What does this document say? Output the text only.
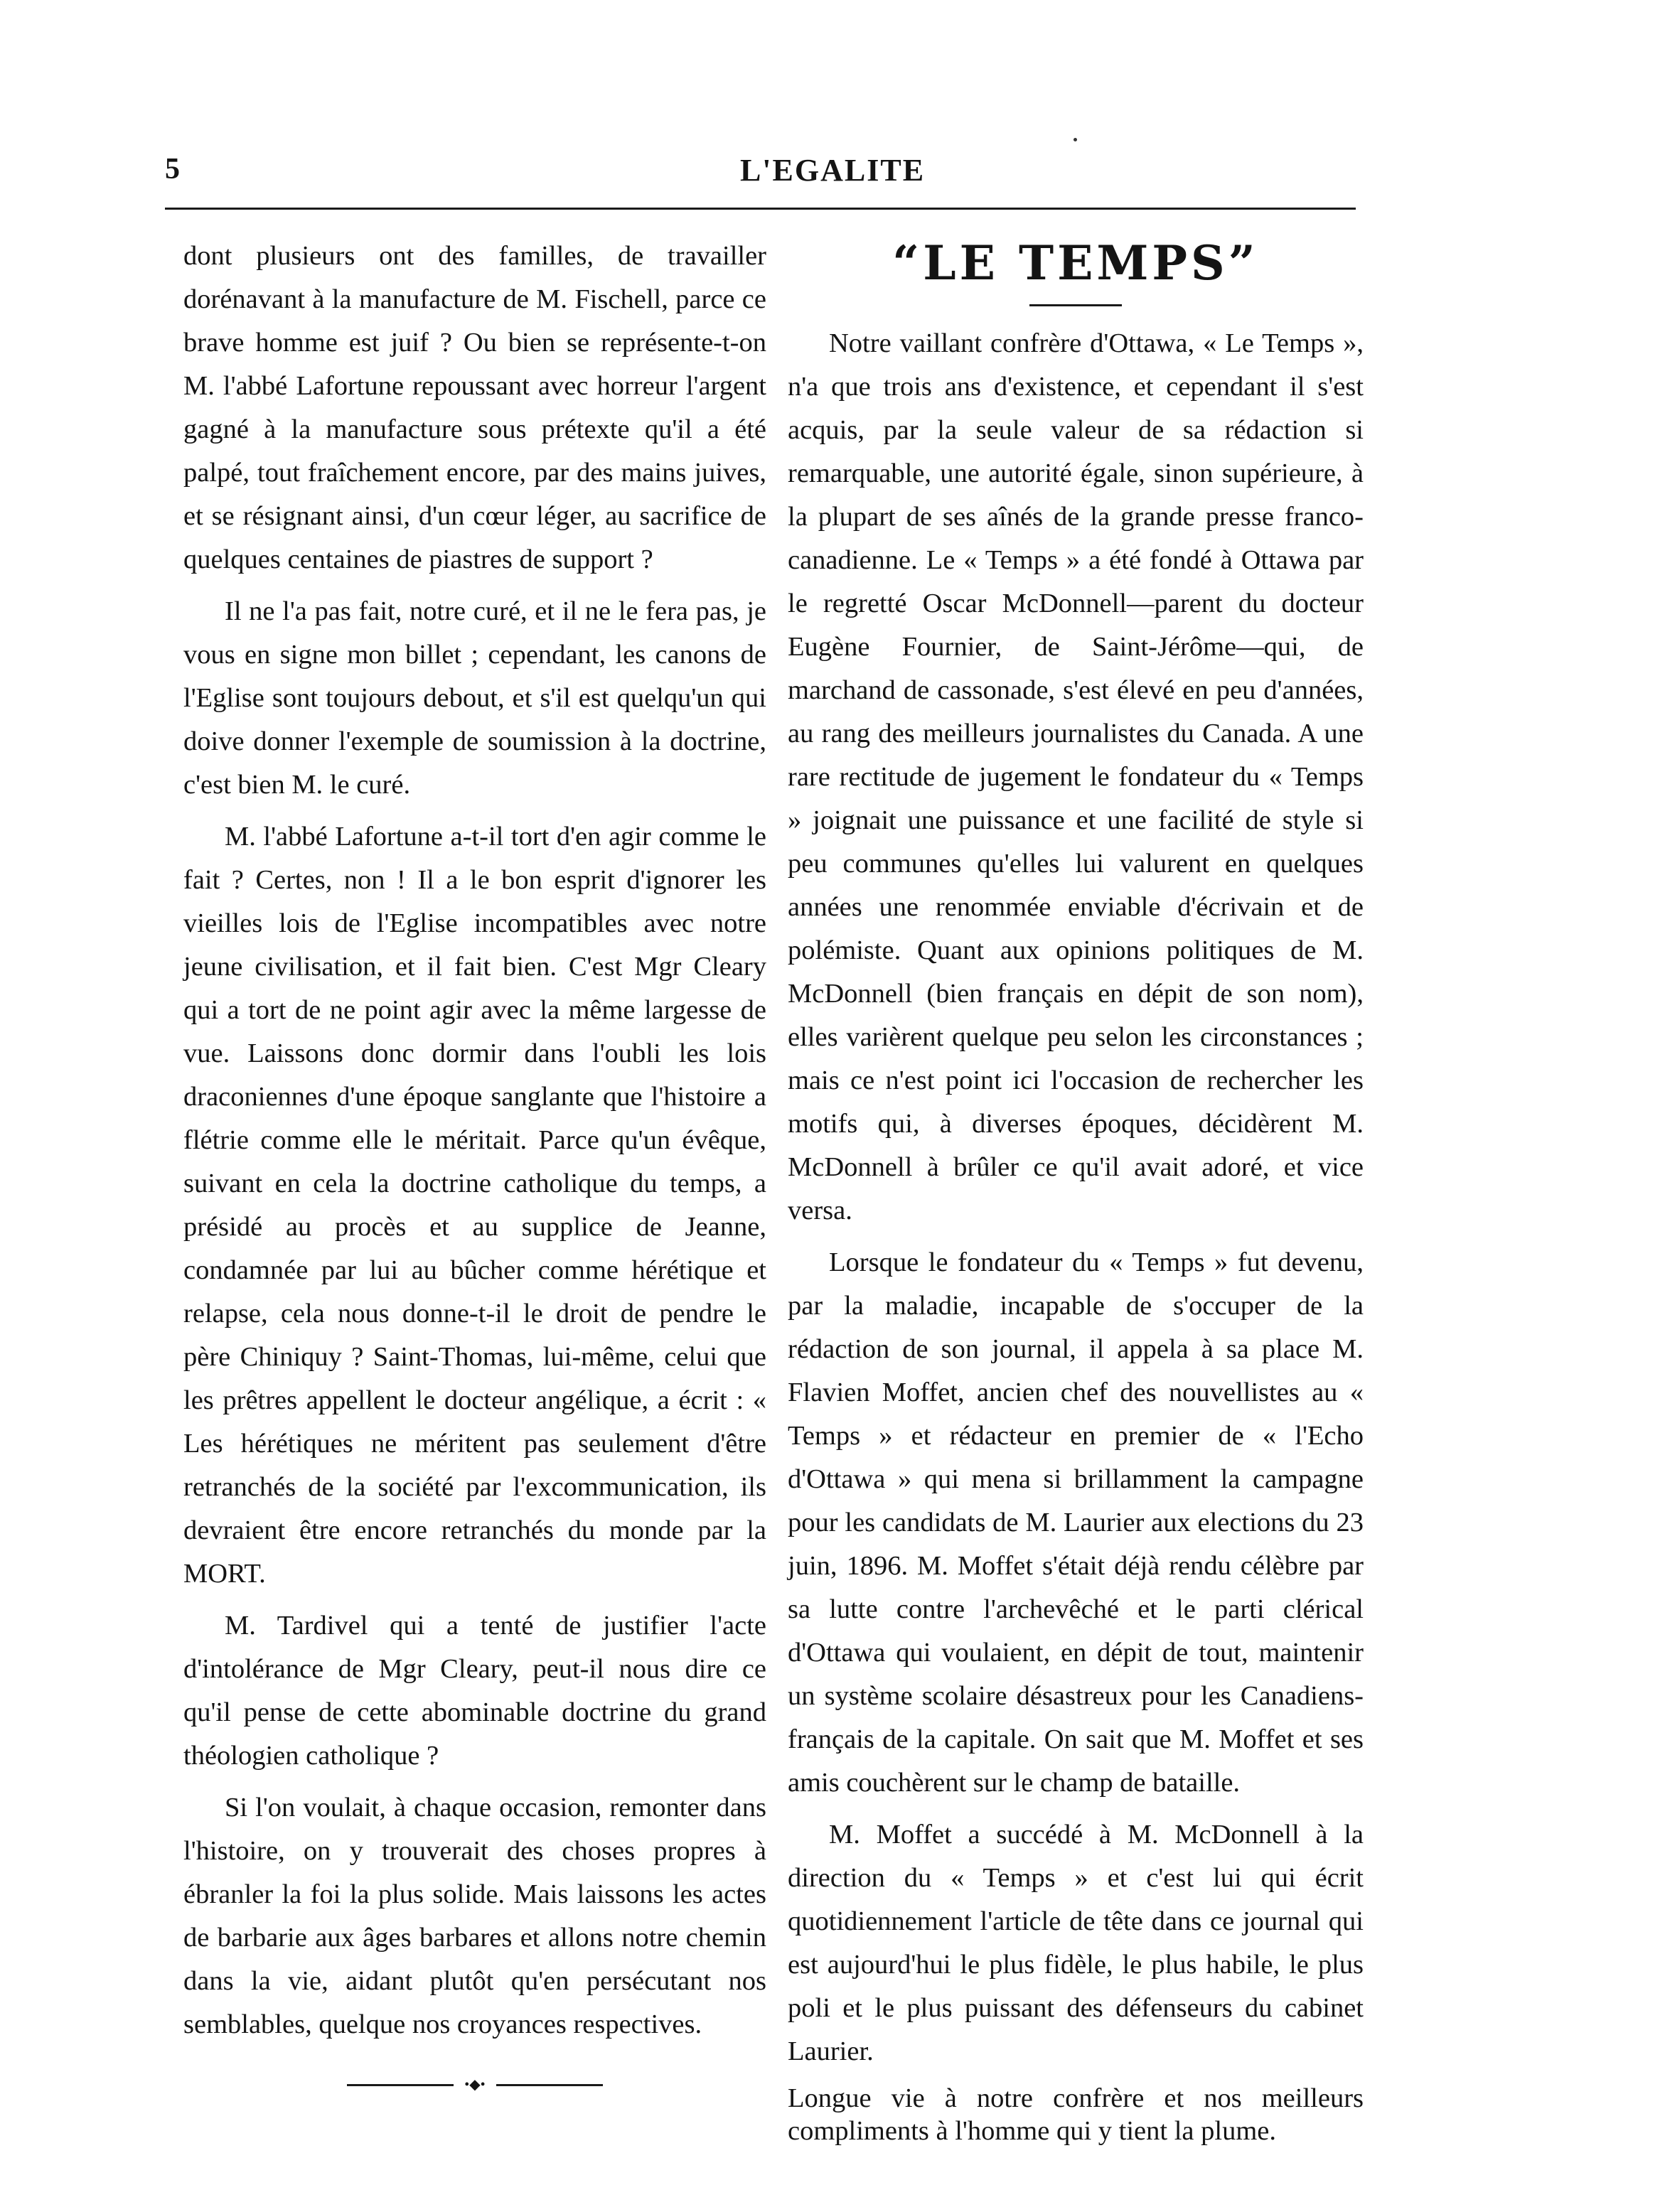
5	L'EGALITE

dont plusieurs ont des familles, de travailler dorénavant à la manufacture de M. Fischell, parce ce brave homme est juif ? Ou bien se représente-t-on M. l'abbé Lafortune repoussant avec horreur l'argent gagné à la manufacture sous prétexte qu'il a été palpé, tout fraîchement encore, par des mains juives, et se résignant ainsi, d'un cœur léger, au sacrifice de quelques centaines de piastres de support ?

Il ne l'a pas fait, notre curé, et il ne le fera pas, je vous en signe mon billet ; cependant, les canons de l'Eglise sont toujours debout, et s'il est quelqu'un qui doive donner l'exemple de soumission à la doctrine, c'est bien M. le curé.

M. l'abbé Lafortune a-t-il tort d'en agir comme le fait ? Certes, non ! Il a le bon esprit d'ignorer les vieilles lois de l'Eglise incompatibles avec notre jeune civilisation, et il fait bien. C'est Mgr Cleary qui a tort de ne point agir avec la même largesse de vue. Laissons donc dormir dans l'oubli les lois draconiennes d'une époque sanglante que l'histoire a flétrie comme elle le méritait. Parce qu'un évêque, suivant en cela la doctrine catholique du temps, a présidé au procès et au supplice de Jeanne, condamnée par lui au bûcher comme hérétique et relapse, cela nous donne-t-il le droit de pendre le père Chiniquy ? Saint-Thomas, lui-même, celui que les prêtres appellent le docteur angélique, a écrit : « Les hérétiques ne méritent pas seulement d'être retranchés de la société par l'excommunication, ils devraient être encore retranchés du monde par la MORT.

M. Tardivel qui a tenté de justifier l'acte d'intolérance de Mgr Cleary, peut-il nous dire ce qu'il pense de cette abominable doctrine du grand théologien catholique ?

Si l'on voulait, à chaque occasion, remonter dans l'histoire, on y trouverait des choses propres à ébranler la foi la plus solide. Mais laissons les actes de barbarie aux âges barbares et allons notre chemin dans la vie, aidant plutôt qu'en persécutant nos semblables, quelque nos croyances respectives.

•◆•
“LE TEMPS”

Notre vaillant confrère d'Ottawa, « Le Temps », n'a que trois ans d'existence, et cependant il s'est acquis, par la seule valeur de sa rédaction si remarquable, une autorité égale, sinon supérieure, à la plupart de ses aînés de la grande presse franco-canadienne. Le « Temps » a été fondé à Ottawa par le regretté Oscar McDonnell—parent du docteur Eugène Fournier, de Saint-Jérôme—qui, de marchand de cassonade, s'est élevé en peu d'années, au rang des meilleurs journalistes du Canada. A une rare rectitude de jugement le fondateur du « Temps » joignait une puissance et une facilité de style si peu communes qu'elles lui valurent en quelques années une renommée enviable d'écrivain et de polémiste. Quant aux opinions politiques de M. McDonnell (bien français en dépit de son nom), elles varièrent quelque peu selon les circonstances ; mais ce n'est point ici l'occasion de rechercher les motifs qui, à diverses époques, décidèrent M. McDonnell à brûler ce qu'il avait adoré, et vice versa.

Lorsque le fondateur du « Temps » fut devenu, par la maladie, incapable de s'occuper de la rédaction de son journal, il appela à sa place M. Flavien Moffet, ancien chef des nouvellistes au « Temps » et rédacteur en premier de « l'Echo d'Ottawa » qui mena si brillamment la campagne pour les candidats de M. Laurier aux elections du 23 juin, 1896. M. Moffet s'était déjà rendu célèbre par sa lutte contre l'archevêché et le parti clérical d'Ottawa qui voulaient, en dépit de tout, maintenir un système scolaire désastreux pour les Canadiens-français de la capitale. On sait que M. Moffet et ses amis couchèrent sur le champ de bataille.

M. Moffet a succédé à M. McDonnell à la direction du « Temps » et c'est lui qui écrit quotidiennement l'article de tête dans ce journal qui est aujourd'hui le plus fidèle, le plus habile, le plus poli et le plus puissant des défenseurs du cabinet Laurier.

Longue vie à notre confrère et nos meilleurs compliments à l'homme qui y tient la plume.
